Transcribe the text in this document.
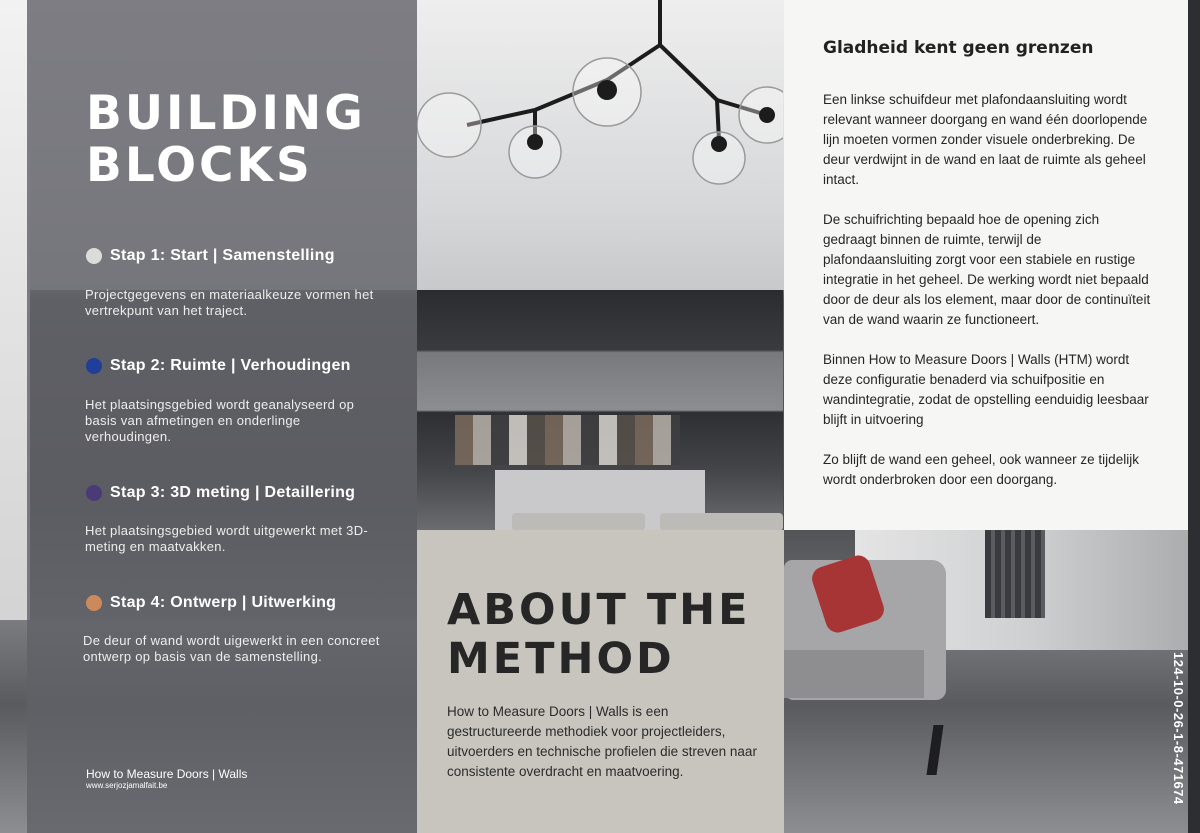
BUILDING
BLOCKS
Stap 1: Start | Samenstelling
Projectgegevens en materiaalkeuze vormen het vertrekpunt van het traject.
Stap 2: Ruimte | Verhoudingen
Het plaatsingsgebied wordt geanalyseerd op basis van afmetingen en onderlinge verhoudingen.
Stap 3: 3D meting | Detaillering
Het plaatsingsgebied wordt uitgewerkt met 3D-meting en maatvakken.
Stap 4: Ontwerp | Uitwerking
De deur of wand wordt uigewerkt in een concreet ontwerp op basis van de samenstelling.
How to Measure Doors | Walls
www.serjozjamalfait.be
Gladheid kent geen grenzen

Een linkse schuifdeur met plafondaansluiting wordt relevant wanneer doorgang en wand één doorlopende lijn moeten vormen zonder visuele onderbreking. De deur verdwijnt in de wand en laat de ruimte als geheel intact.

De schuifrichting bepaald hoe de opening zich gedraagt binnen de ruimte, terwijl de plafondaansluiting zorgt voor een stabiele en rustige integratie in het geheel. De werking wordt niet bepaald door de deur als los element, maar door de continuïteit van de wand waarin ze functioneert.

Binnen How to Measure Doors | Walls (HTM) wordt deze configuratie benaderd via schuifpositie en wandintegratie, zodat de opstelling eenduidig leesbaar blijft in uitvoering

Zo blijft de wand een geheel, ook wanneer ze tijdelijk wordt onderbroken door een doorgang.

ABOUT THE
METHOD
How to Measure Doors | Walls is een gestructureerde methodiek voor projectleiders, uitvoerders en technische profielen die streven naar consistente overdracht en maatvoering.	124-10-0-26-1-8-471674
